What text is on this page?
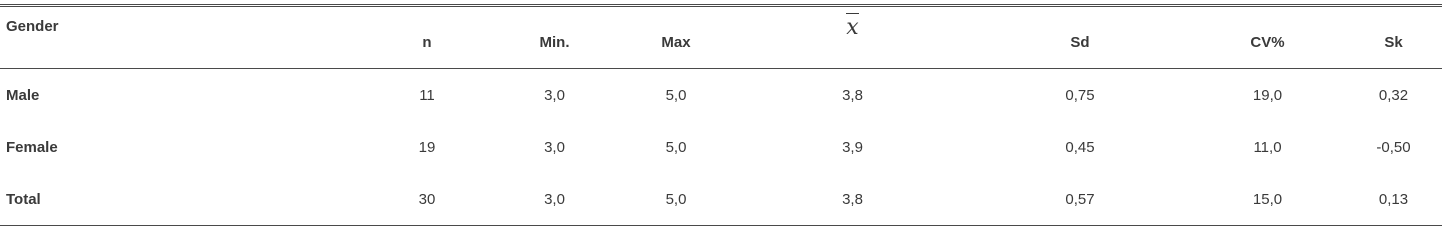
Gender	n	Min.	Max	x	Sd	CV%	Sk
Male	11	3,0	5,0	3,8	0,75	19,0	0,32
Female	19	3,0	5,0	3,9	0,45	11,0	-0,50
Total	30	3,0	5,0	3,8	0,57	15,0	0,13
